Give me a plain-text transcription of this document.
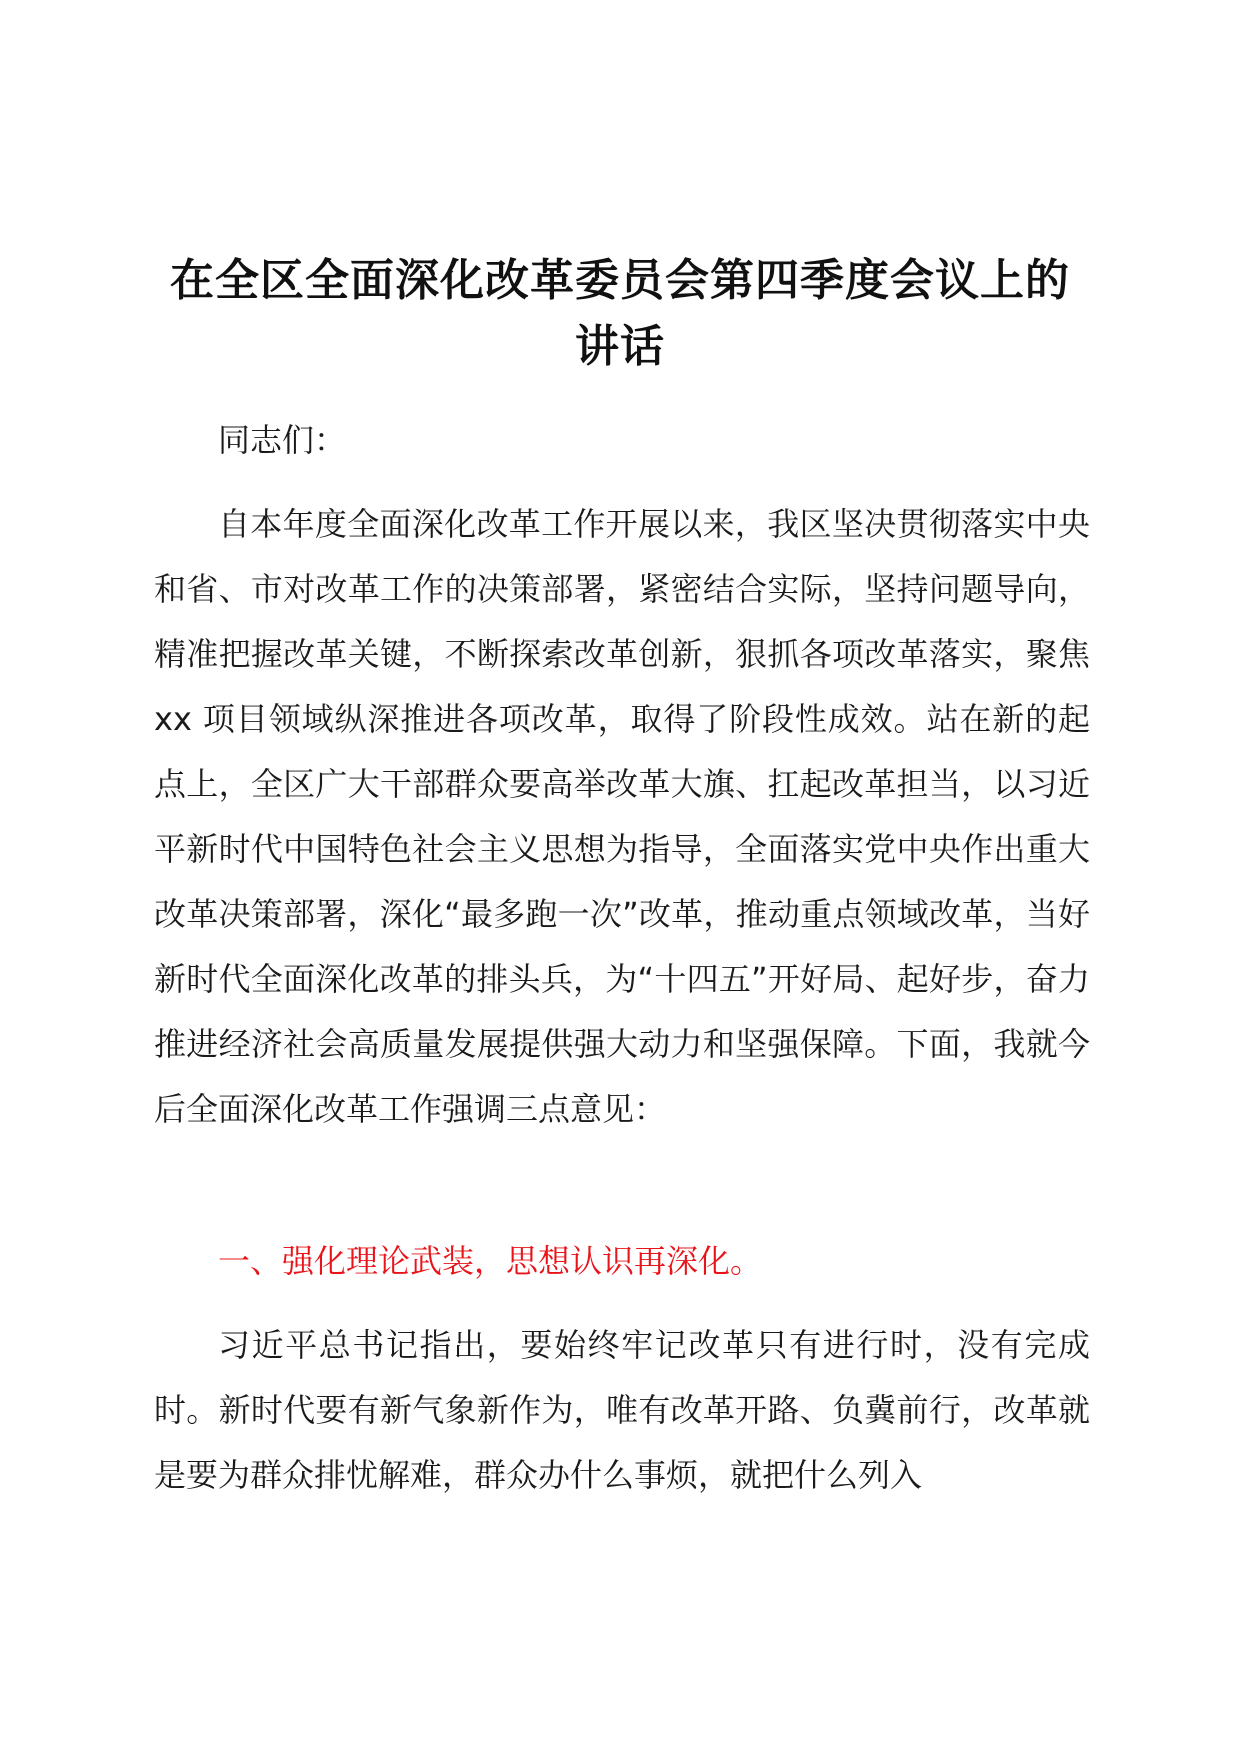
在全区全面深化改革委员会第四季度会议上的
讲话

同志们：

自本年度全面深化改革工作开展以来，我区坚决贯彻落实中央和省、市对改革工作的决策部署，紧密结合实际，坚持问题导向，精准把握改革关键，不断探索改革创新，狠抓各项改革落实，聚焦 xx 项目领域纵深推进各项改革，取得了阶段性成效。站在新的起点上，全区广大干部群众要高举改革大旗、扛起改革担当，以习近平新时代中国特色社会主义思想为指导，全面落实党中央作出重大改革决策部署，深化“最多跑一次”改革，推动重点领域改革，当好新时代全面深化改革的排头兵，为“十四五”开好局、起好步，奋力推进经济社会高质量发展提供强大动力和坚强保障。下面，我就今后全面深化改革工作强调三点意见：

一、强化理论武装，思想认识再深化。

习近平总书记指出，要始终牢记改革只有进行时，没有完成时。新时代要有新气象新作为，唯有改革开路、负冀前行，改革就是要为群众排忧解难，群众办什么事烦，就把什么列入
